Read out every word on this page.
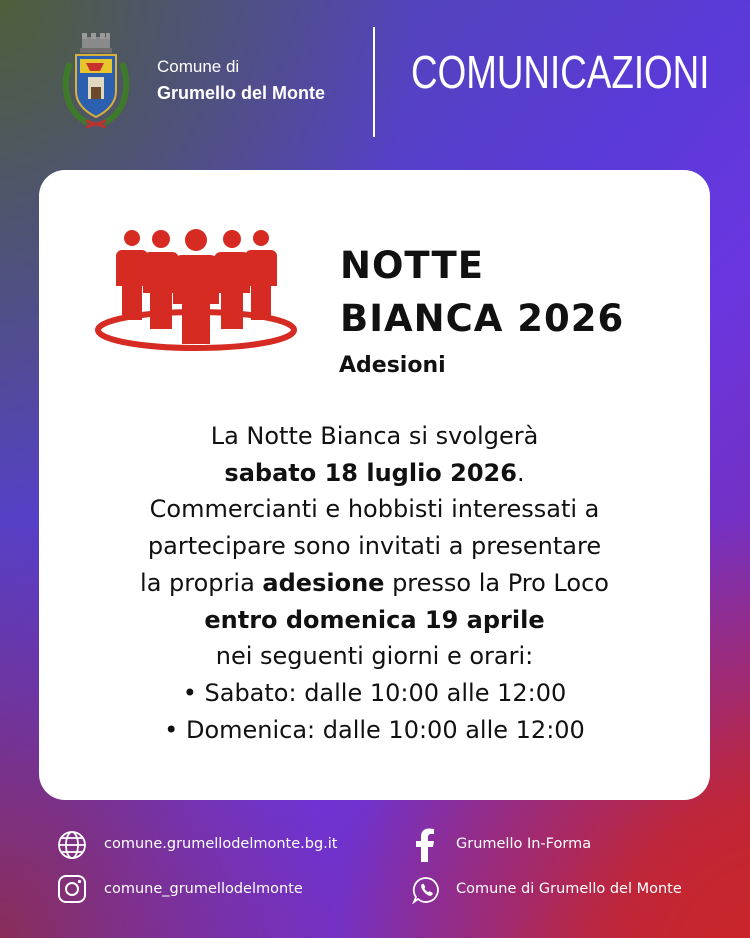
Comune di
Grumello del Monte COMUNICAZIONI
NOTTE
BIANCA 2026
Adesioni
La Notte Bianca si svolgerà
sabato 18 luglio 2026.
Commercianti e hobbisti interessati a
partecipare sono invitati a presentare
la propria adesione presso la Pro Loco
entro domenica 19 aprile
nei seguenti giorni e orari:
• Sabato: dalle 10:00 alle 12:00
• Domenica: dalle 10:00 alle 12:00
comune.grumellodelmonte.bg.it	Grumello In-Forma
comune_grumellodelmonte	Comune di Grumello del Monte
